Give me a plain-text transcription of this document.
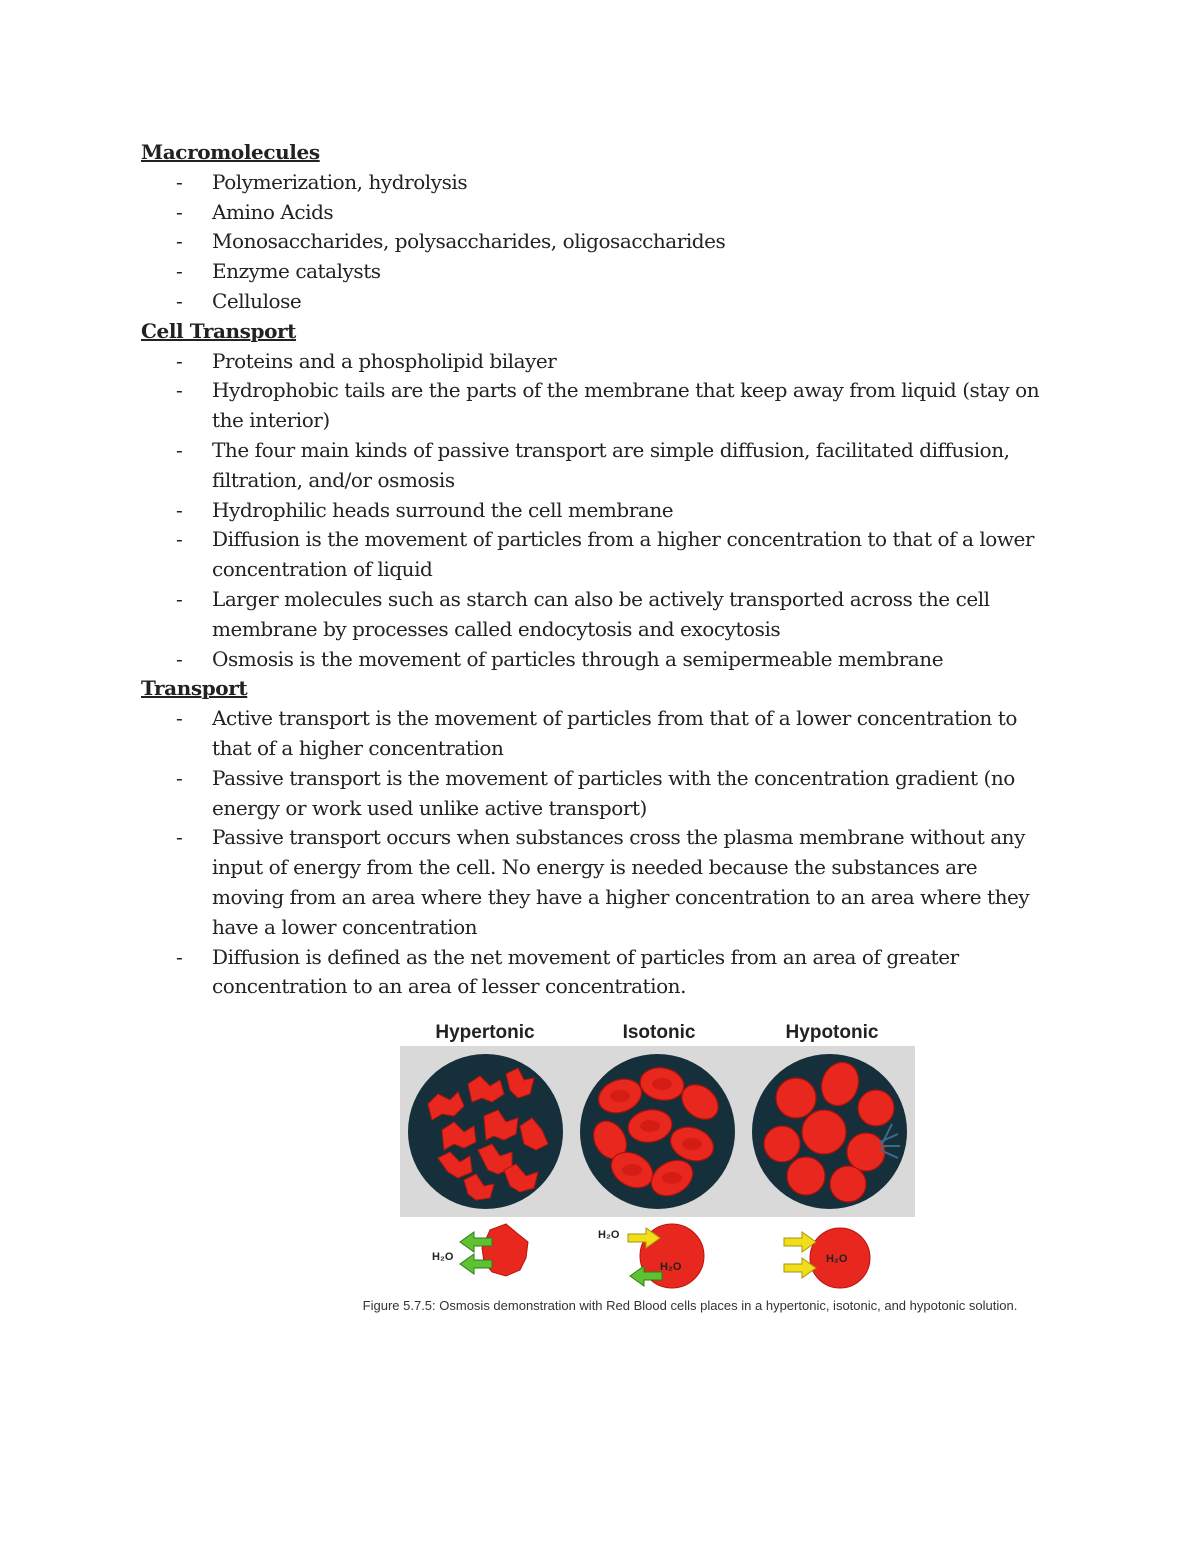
Macromolecules

- Polymerization, hydrolysis
- Amino Acids
- Monosaccharides, polysaccharides, oligosaccharides
- Enzyme catalysts
- Cellulose

Cell Transport

- Proteins and a phospholipid bilayer
- Hydrophobic tails are the parts of the membrane that keep away from liquid (stay on
the interior)
- The four main kinds of passive transport are simple diffusion, facilitated diffusion,
filtration, and/or osmosis
- Hydrophilic heads surround the cell membrane
- Diffusion is the movement of particles from a higher concentration to that of a lower
concentration of liquid
- Larger molecules such as starch can also be actively transported across the cell
membrane by processes called endocytosis and exocytosis
- Osmosis is the movement of particles through a semipermeable membrane

Transport

- Active transport is the movement of particles from that of a lower concentration to
that of a higher concentration
- Passive transport is the movement of particles with the concentration gradient (no
energy or work used unlike active transport)
- Passive transport occurs when substances cross the plasma membrane without any
input of energy from the cell. No energy is needed because the substances are
moving from an area where they have a higher concentration to an area where they
have a lower concentration
- Diffusion is defined as the net movement of particles from an area of greater
concentration to an area of lesser concentration.
Hypertonic	Isotonic	Hypotonic
H₂O
H₂O
H₂O
H₂O
Figure 5.7.5: Osmosis demonstration with Red Blood cells places in a hypertonic, isotonic, and hypotonic solution.
